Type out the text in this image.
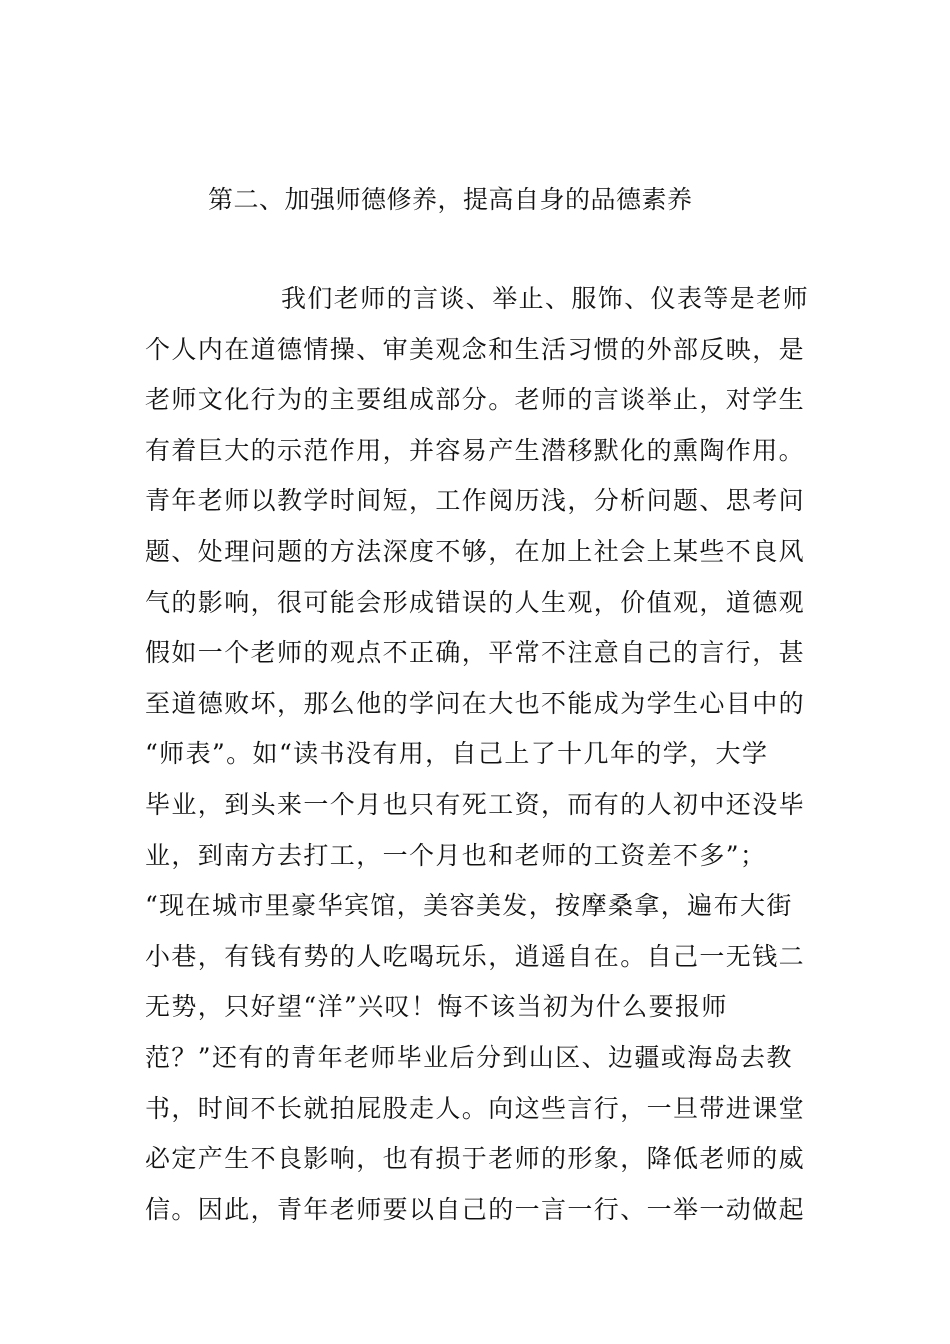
第二、加强师德修养，提高自身的品德素养
我们老师的言谈、举止、服饰、仪表等是老师
个人内在道德情操、审美观念和生活习惯的外部反映，是
老师文化行为的主要组成部分。老师的言谈举止，对学生
有着巨大的示范作用，并容易产生潜移默化的熏陶作用。
青年老师以教学时间短，工作阅历浅，分析问题、思考问
题、处理问题的方法深度不够，在加上社会上某些不良风
气的影响，很可能会形成错误的人生观，价值观，道德观
假如一个老师的观点不正确，平常不注意自己的言行，甚
至道德败坏，那么他的学问在大也不能成为学生心目中的
“师表”。如“读书没有用，自己上了十几年的学，大学
毕业，到头来一个月也只有死工资，而有的人初中还没毕
业，到南方去打工，一个月也和老师的工资差不多”；
“现在城市里豪华宾馆，美容美发，按摩桑拿，遍布大街
小巷，有钱有势的人吃喝玩乐，逍遥自在。自己一无钱二
无势，只好望“洋”兴叹！悔不该当初为什么要报师
范？”还有的青年老师毕业后分到山区、边疆或海岛去教
书，时间不长就拍屁股走人。向这些言行，一旦带进课堂
必定产生不良影响，也有损于老师的形象，降低老师的威
信。因此，青年老师要以自己的一言一行、一举一动做起
